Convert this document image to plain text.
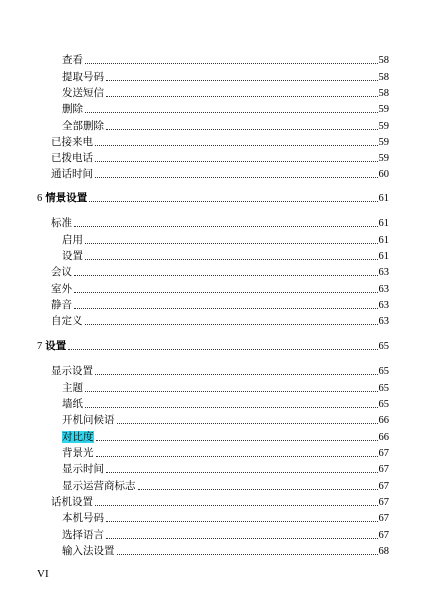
查看	58
提取号码	58
发送短信	58
删除	59
全部删除	59
已接来电	59
已拨电话	59
通话时间	60
6 情景设置	61
标准	61
启用	61
设置	61
会议	63
室外	63
静音	63
自定义	63
7 设置	65
显示设置	65
主题	65
墙纸	65
开机问候语	66
对比度	66
背景光	67
显示时间	67
显示运营商标志	67
话机设置	67
本机号码	67
选择语言	67
输入法设置	68
VI
